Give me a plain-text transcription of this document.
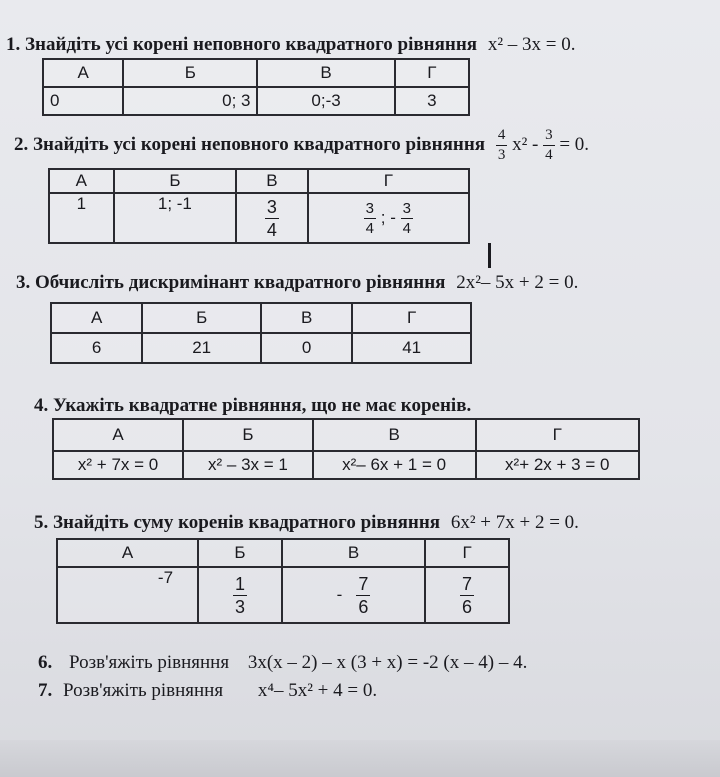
1. Знайдіть усі корені неповного квадратного рівняння x² – 3x = 0.
А	Б	В	Г
0	0; 3	0;-3	3
2. Знайдіть усі корені неповного квадратного рівняння $\frac{4}{3} x^2 - \frac{3}{4} = 0$.
А	Б	В	Г
1	1; -1	$\frac{3}{4}$	$\frac{3}{4}$ ; - $\frac{3}{4}$
3. Обчисліть дискримінант квадратного рівняння 2x²– 5x + 2 = 0.
А	Б	В	Г
6	21	0	41
4. Укажіть квадратне рівняння, що не має коренів.
А	Б	В	Г
x² + 7x = 0	x² – 3x = 1	x²– 6x + 1 = 0	x²+ 2x + 3 = 0
5. Знайдіть суму коренів квадратного рівняння 6x² + 7x + 2 = 0.
А	Б	В	Г
-7	$\frac{1}{3}$	- $\frac{7}{6}$	$\frac{7}{6}$
6. Розв'яжіть рівняння 3x(x – 2) – x (3 + x) = -2 (x – 4) – 4.
7. Розв'яжіть рівняння x⁴– 5x² + 4 = 0.
